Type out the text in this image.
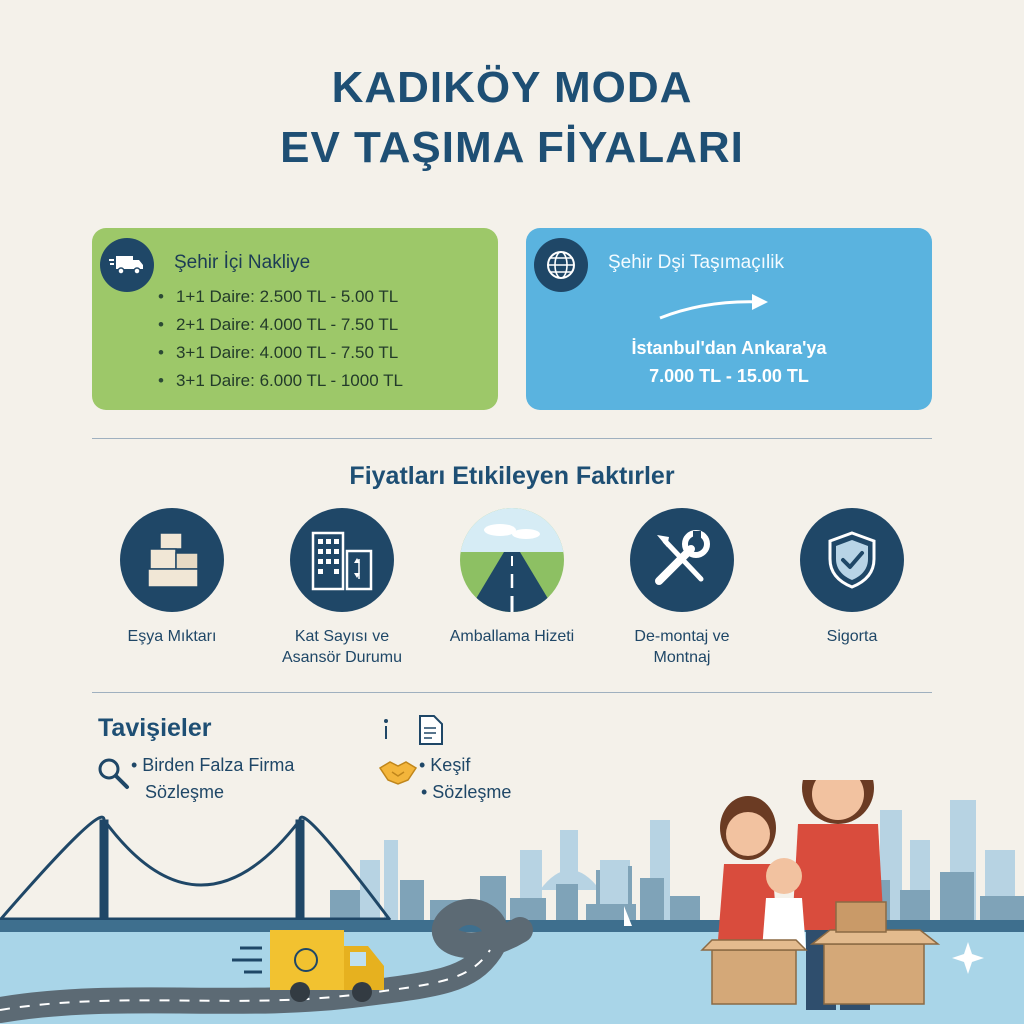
KADIKÖY MODA
EV TAŞIMA FİYALARI
Şehir İçi Nakliye
• 1+1 Daire: 2.500 TL - 5.00 TL
• 2+1 Daire: 4.000 TL - 7.50 TL
• 3+1 Daire: 4.000 TL - 7.50 TL
• 3+1 Daire: 6.000 TL - 1000 TL
Şehir Dşi Taşımaçılik
İstanbul'dan Ankara'ya
7.000 TL - 15.00 TL
Fiyatları Etıkileyen Faktırler
Eşya Mıktarı	Kat Sayısı ve Asansör Durumu
Amballama Hizeti	De-montaj ve Montnaj
Sigorta
Tavişieler
• Birden Falza Firma
Sözleşme
• Keşif
• Sözleşme
